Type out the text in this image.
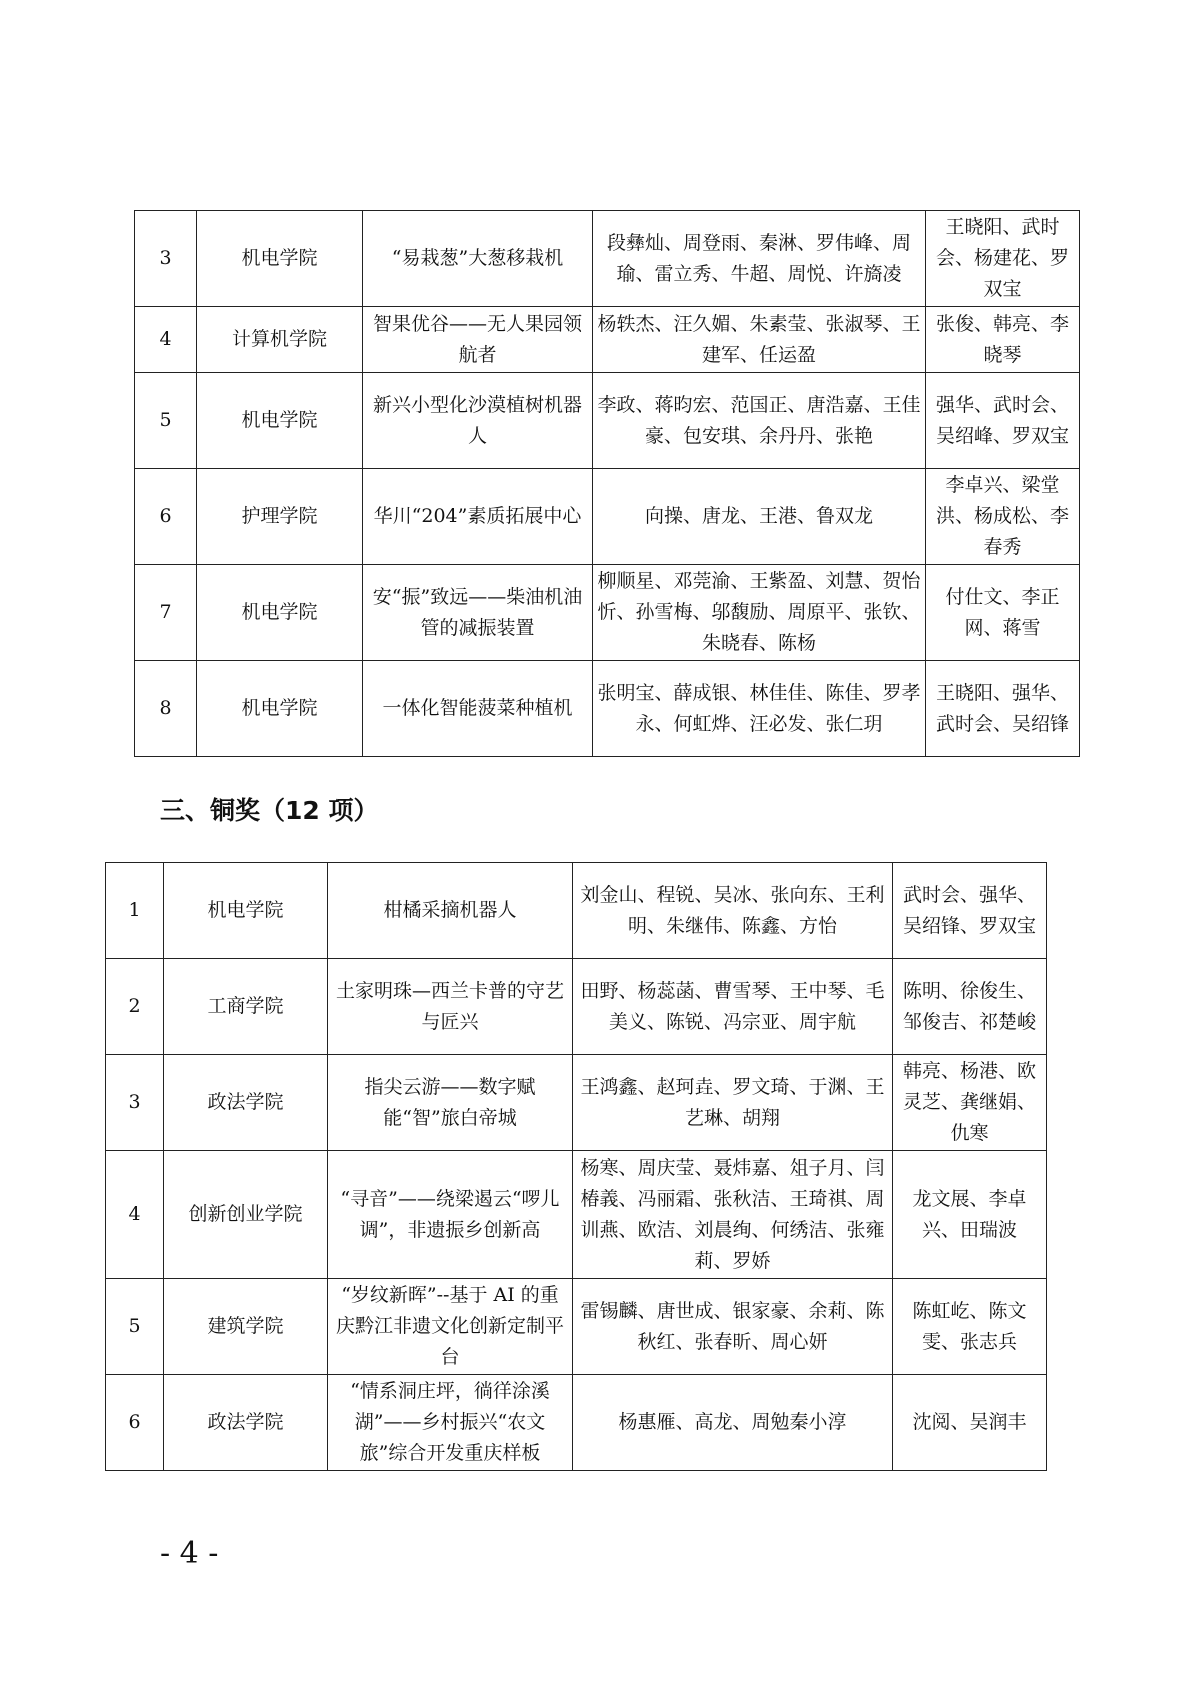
3	机电学院	“易栽葱”大葱移栽机	段彝灿、周登雨、秦淋、罗伟峰、周瑜、雷立秀、牛超、周悦、许旖凌	王晓阳、武时会、杨建花、罗双宝
4	计算机学院	智果优谷——无人果园领航者	杨轶杰、汪久媚、朱素莹、张淑琴、王建军、任运盈	张俊、韩亮、李晓琴
5	机电学院	新兴小型化沙漠植树机器人	李政、蒋昀宏、范国正、唐浩嘉、王佳豪、包安琪、余丹丹、张艳	强华、武时会、吴绍峰、罗双宝
6	护理学院	华川“204”素质拓展中心	向操、唐龙、王港、鲁双龙	李卓兴、梁堂洪、杨成松、李春秀
7	机电学院	安“振”致远——柴油机油管的减振装置	柳顺星、邓莞渝、王紫盈、刘慧、贺怡忻、孙雪梅、邬馥励、周原平、张钦、朱晓春、陈杨	付仕文、李正网、蒋雪
8	机电学院	一体化智能菠菜种植机	张明宝、薛成银、林佳佳、陈佳、罗孝永、何虹烨、汪必发、张仁玥	王晓阳、强华、武时会、吴绍锋
三、铜奖（12 项）
1	机电学院	柑橘采摘机器人	刘金山、程锐、吴冰、张向东、王利明、朱继伟、陈鑫、方怡	武时会、强华、吴绍锋、罗双宝
2	工商学院	土家明珠—西兰卡普的守艺与匠兴	田野、杨蕊菡、曹雪琴、王中琴、毛美义、陈锐、冯宗亚、周宇航	陈明、徐俊生、邹俊吉、祁楚峻
3	政法学院	指尖云游——数字赋能“智”旅白帝城	王鸿鑫、赵珂垚、罗文琦、于渊、王艺琳、胡翔	韩亮、杨港、欧灵芝、龚继娟、仇寒
4	创新创业学院	“寻音”——绕梁遏云“啰儿调”，非遗振乡创新高	杨寒、周庆莹、聂炜嘉、俎子月、闫椿義、冯丽霜、张秋洁、王琦祺、周训燕、欧洁、刘晨绚、何绣洁、张雍莉、罗娇	龙文展、李卓兴、田瑞波
5	建筑学院	“岁纹新晖”--基于 AI 的重庆黔江非遗文化创新定制平台	雷锡麟、唐世成、银家豪、余莉、陈秋红、张春昕、周心妍	陈虹屹、陈文雯、张志兵
6	政法学院	“情系洞庄坪，徜徉涂溪湖”——乡村振兴“农文旅”综合开发重庆样板	杨惠雁、高龙、周勉秦小淳	沈阅、吴润丰
- 4 -
